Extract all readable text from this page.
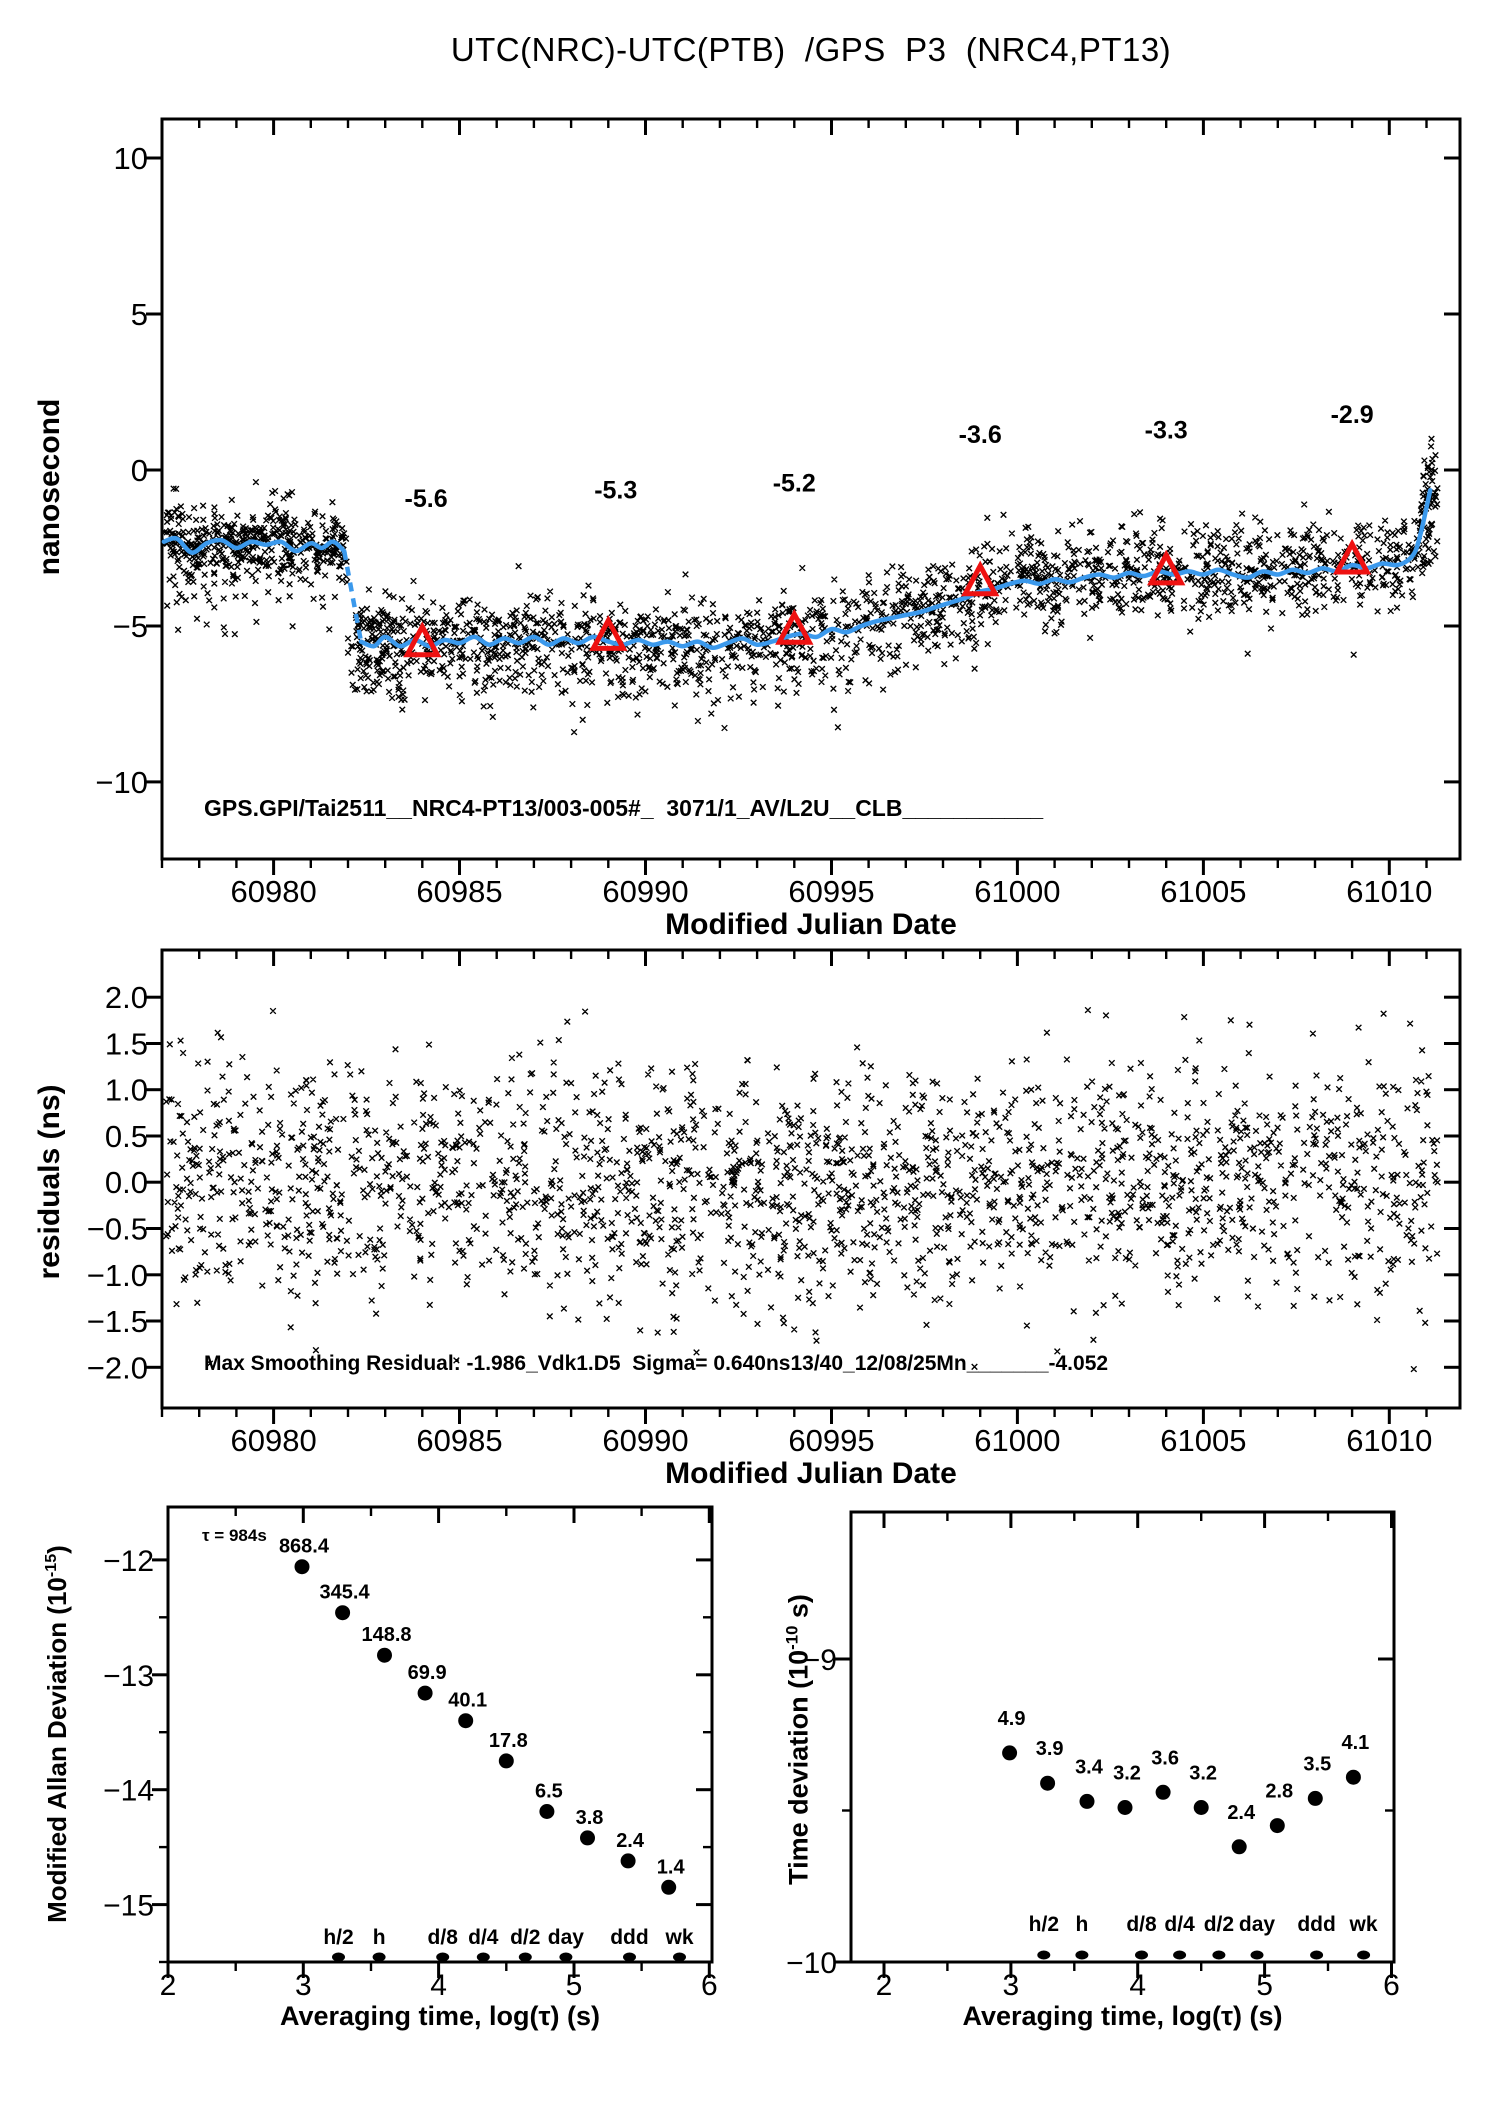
60980	60985	60990	60995	61000	61005	61010
10
5
0
−5
−10
-5.6	-5.3	-5.2
-3.6	-3.3
-2.9
60980	60985	60990	60995	61000	61005	61010
2.0
1.5
1.0
0.5
0.0
−0.5
−1.0
−1.5
−2.0
2	3	4	5	6
−12
−13
−14
−15
h/2 h d/8 d/4 d/2 day ddd wk
868.4
345.4
148.8
69.9
40.1
17.8
6.5
3.8
2.4
1.4
2	3	4	5	6
−9
−10
h/2 h d/8 d/4 d/2 day ddd wk
4.9
3.9
3.4 3.2
3.6
3.2
2.4
2.8
3.5
4.1
UTC(NRC)-UTC(PTB)  /GPS  P3  (NRC4,PT13)
nanosecond
GPS.GPI/Tai2511__NRC4-PT13/003-005#_  3071/1_AV/L2U__CLB___________
Modified Julian Date
residuals (ns)
Max Smoothing Residual: -1.986_Vdk1.D5  Sigma= 0.640ns13/40_12/08/25Mn_______-4.052
Modified Julian Date
Modified Allan Deviation $(10^{-15})$
τ = 984s
Averaging time, log(τ) (s)
Time deviation ($10^{-10}$ s)
Averaging time, log(τ) (s)
